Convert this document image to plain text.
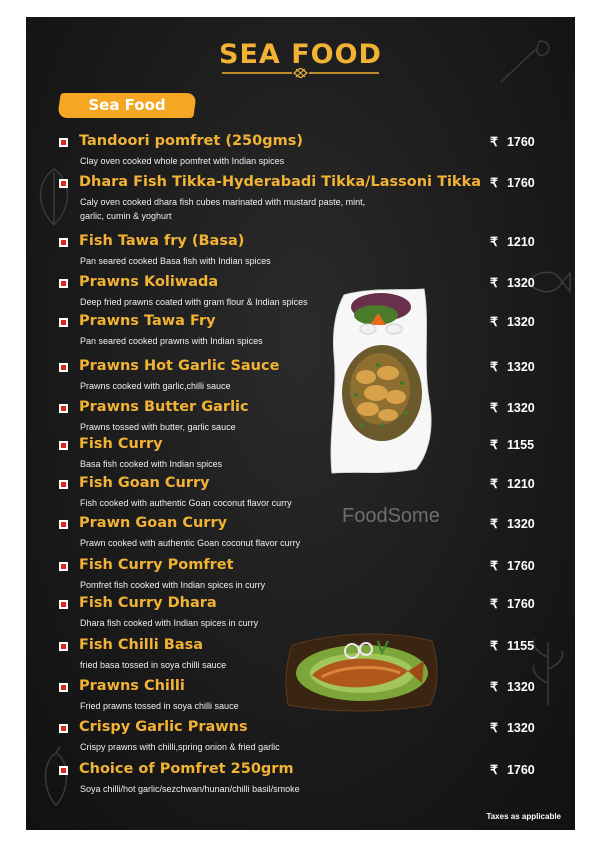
SEA FOOD
Sea Food
Tandoori pomfret (250gms)
Clay oven cooked whole pomfret with Indian spices
₹ 1760
Dhara Fish Tikka-Hyderabadi Tikka/Lassoni Tikka
Caly oven cooked dhara ﬁsh cubes marinated with mustard paste, mint, garlic, cumin & yoghurt
₹ 1760
Fish Tawa fry (Basa)
Pan seared cooked Basa ﬁsh with Indian spices
₹ 1210
Prawns Koliwada
Deep fried prawns coated with gram ﬂour & Indian spices
₹ 1320
Prawns Tawa Fry
Pan seared cooked prawns with Indian spices
₹ 1320
Prawns Hot Garlic Sauce
Prawns cooked with garlic,chilli sauce
₹ 1320
Prawns Butter Garlic
Prawns tossed with butter, garlic sauce
₹ 1320
Fish Curry
Basa ﬁsh cooked with Indian spices
₹ 1155
Fish Goan Curry
Fish cooked with authentic Goan coconut ﬂavor curry
₹ 1210
Prawn Goan Curry
Prawn cooked with authentic Goan coconut ﬂavor curry
₹ 1320
Fish Curry Pomfret
Pomfret ﬁsh cooked with Indian spices in curry
₹ 1760
Fish Curry Dhara
Dhara ﬁsh cooked with Indian spices in curry
₹ 1760
Fish Chilli Basa
fried basa tossed in soya chilli sauce
₹ 1155
Prawns Chilli
Fried prawns tossed in soya chilli sauce
₹ 1320
Crispy Garlic Prawns
Crispy prawns with chilli,spring onion & fried garlic
₹ 1320
Choice of Pomfret 250grm
Soya chilli/hot garlic/sezchwan/hunan/chilli basil/smoke
₹ 1760
FoodSome
Taxes as applicable
